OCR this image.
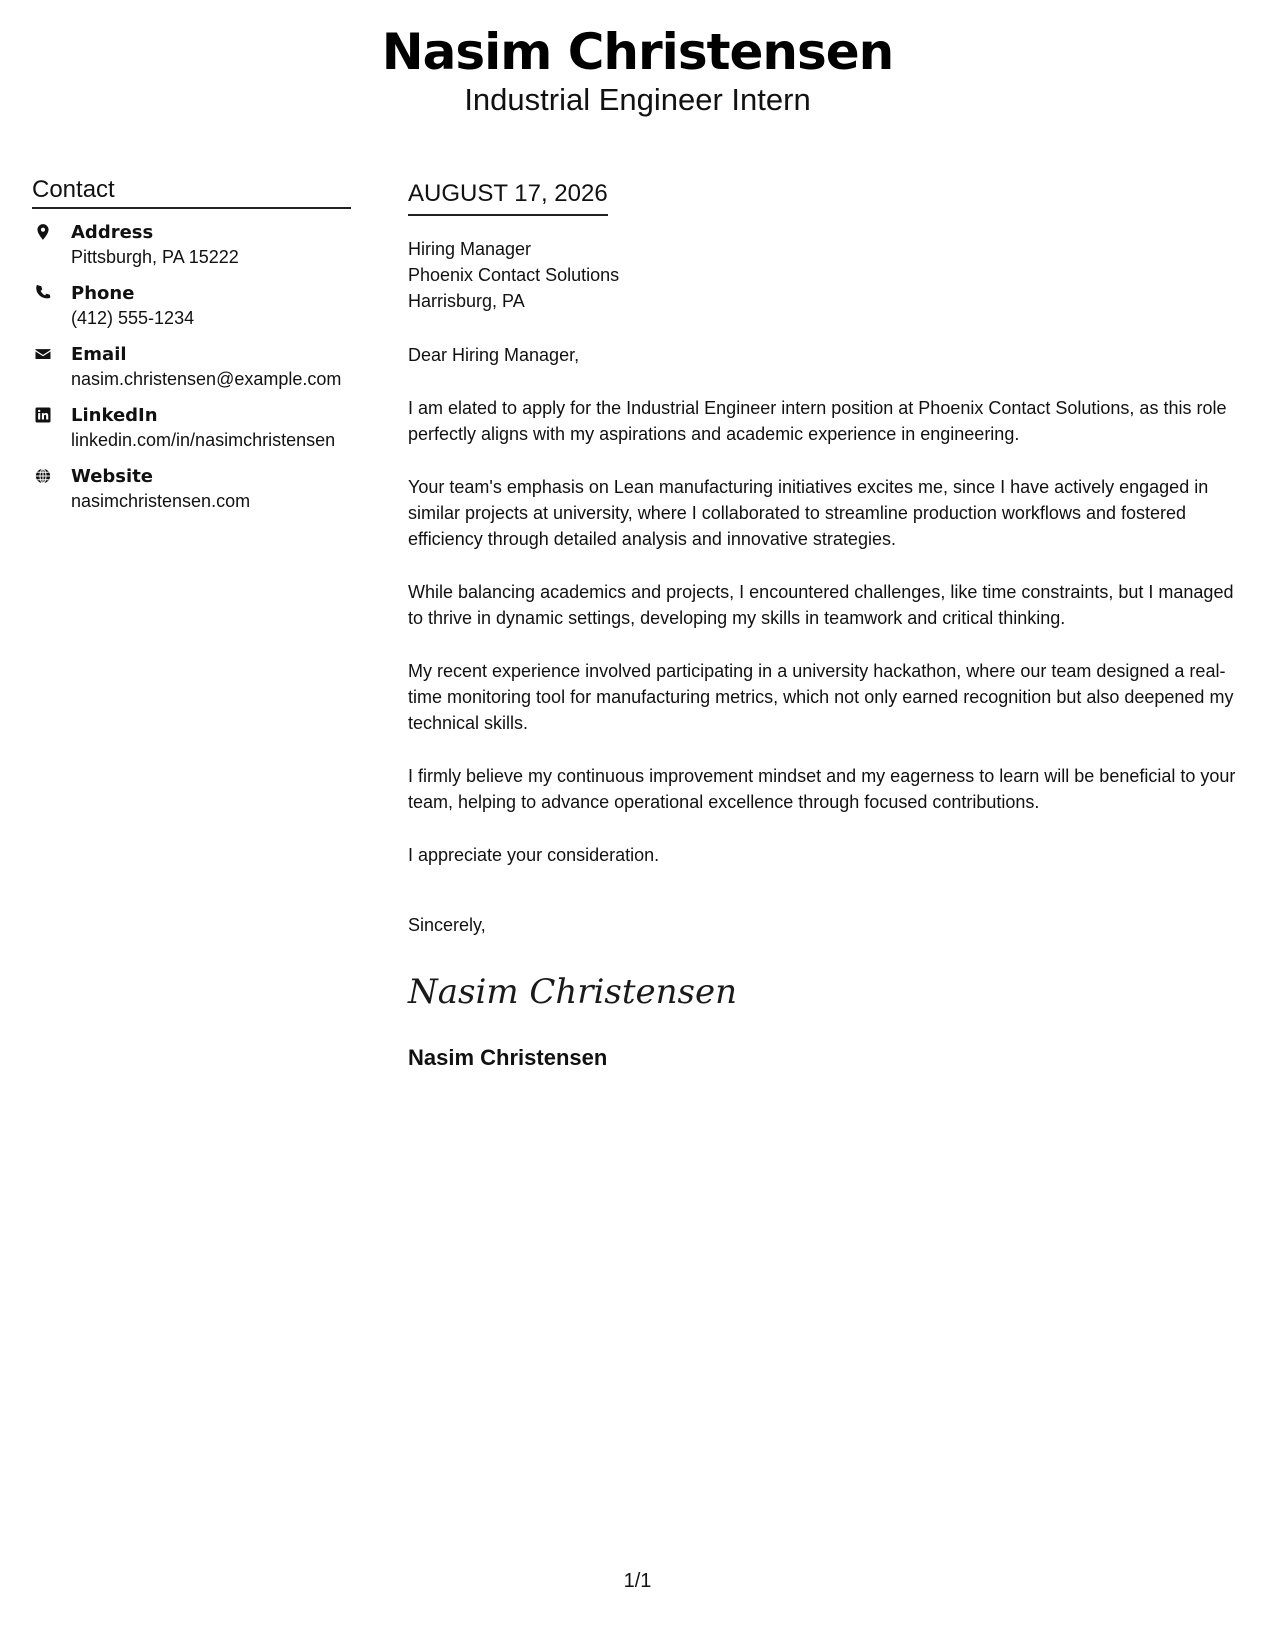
Nasim Christensen
Industrial Engineer Intern
Contact
Address
Pittsburgh, PA 15222
Phone
(412) 555-1234
Email
nasim.christensen@example.com
LinkedIn
linkedin.com/in/nasimchristensen
Website
nasimchristensen.com
AUGUST 17, 2026
Hiring Manager
Phoenix Contact Solutions
Harrisburg, PA

Dear Hiring Manager,

I am elated to apply for the Industrial Engineer intern position at Phoenix Contact Solutions, as this role perfectly aligns with my aspirations and academic experience in engineering.

Your team's emphasis on Lean manufacturing initiatives excites me, since I have actively engaged in similar projects at university, where I collaborated to streamline production workflows and fostered efficiency through detailed analysis and innovative strategies.

While balancing academics and projects, I encountered challenges, like time constraints, but I managed to thrive in dynamic settings, developing my skills in teamwork and critical thinking.

My recent experience involved participating in a university hackathon, where our team designed a real-time monitoring tool for manufacturing metrics, which not only earned recognition but also deepened my technical skills.

I firmly believe my continuous improvement mindset and my eagerness to learn will be beneficial to your team, helping to advance operational excellence through focused contributions.

I appreciate your consideration.

Sincerely,
Nasim Christensen
Nasim Christensen
1/1
